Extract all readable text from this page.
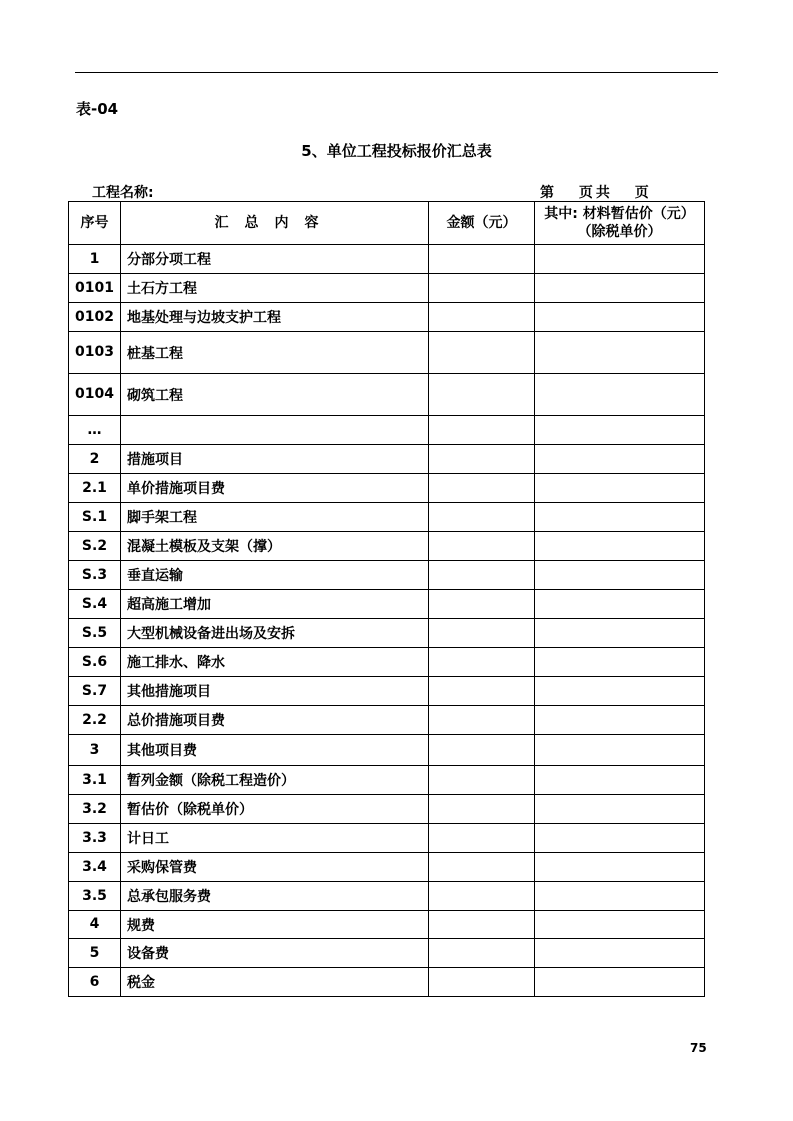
表-04
5、单位工程投标报价汇总表
工程名称:	第 页共 页
序号	汇总内容	金额（元）	其中: 材料暂估价（元）
（除税单价）

1	分部分项工程		
0101	土石方工程		
0102	地基处理与边坡支护工程		
0103	桩基工程		
0104	砌筑工程		
…			
2	措施项目		
2.1	单价措施项目费		
S.1	脚手架工程		
S.2	混凝土模板及支架（撑）		
S.3	垂直运输		
S.4	超高施工增加		
S.5	大型机械设备进出场及安拆		
S.6	施工排水、降水		
S.7	其他措施项目		
2.2	总价措施项目费		
3	其他项目费		
3.1	暂列金额（除税工程造价）		
3.2	暂估价（除税单价）		
3.3	计日工		
3.4	采购保管费		
3.5	总承包服务费		
4	规费		
5	设备费		
6	税金		
75
